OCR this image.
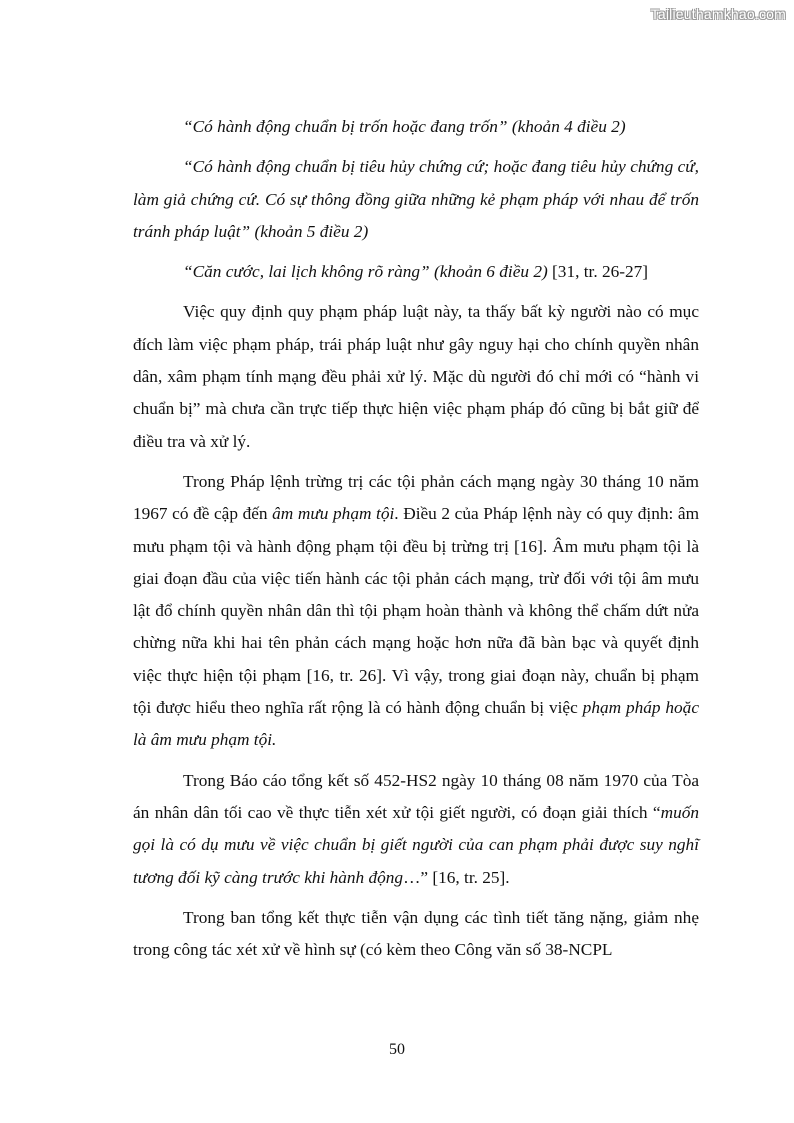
Tailieuthamkhao.com

“Có hành động chuẩn bị trốn hoặc đang trốn” (khoản 4 điều 2)

“Có hành động chuẩn bị tiêu hủy chứng cứ; hoặc đang tiêu hủy chứng cứ, làm giả chứng cứ. Có sự thông đồng giữa những kẻ phạm pháp với nhau để trốn tránh pháp luật” (khoản 5 điều 2)

“Căn cước, lai lịch không rõ ràng” (khoản 6 điều 2) [31, tr. 26-27]

Việc quy định quy phạm pháp luật này, ta thấy bất kỳ người nào có mục đích làm việc phạm pháp, trái pháp luật như gây nguy hại cho chính quyền nhân dân, xâm phạm tính mạng đều phải xử lý. Mặc dù người đó chỉ mới có “hành vi chuẩn bị” mà chưa cần trực tiếp thực hiện việc phạm pháp đó cũng bị bắt giữ để điều tra và xử lý.

Trong Pháp lệnh trừng trị các tội phản cách mạng ngày 30 tháng 10 năm 1967 có đề cập đến âm mưu phạm tội. Điều 2 của Pháp lệnh này có quy định: âm mưu phạm tội và hành động phạm tội đều bị trừng trị [16]. Âm mưu phạm tội là giai đoạn đầu của việc tiến hành các tội phản cách mạng, trừ đối với tội âm mưu lật đổ chính quyền nhân dân thì tội phạm hoàn thành và không thể chấm dứt nửa chừng nữa khi hai tên phản cách mạng hoặc hơn nữa đã bàn bạc và quyết định việc thực hiện tội phạm [16, tr. 26]. Vì vậy, trong giai đoạn này, chuẩn bị phạm tội được hiểu theo nghĩa rất rộng là có hành động chuẩn bị việc phạm pháp hoặc là âm mưu phạm tội.

Trong Báo cáo tổng kết số 452-HS2 ngày 10 tháng 08 năm 1970 của Tòa án nhân dân tối cao về thực tiễn xét xử tội giết người, có đoạn giải thích “muốn gọi là có dụ mưu về việc chuẩn bị giết người của can phạm phải được suy nghĩ tương đối kỹ càng trước khi hành động…” [16, tr. 25].

Trong ban tổng kết thực tiễn vận dụng các tình tiết tăng nặng, giảm nhẹ trong công tác xét xử về hình sự (có kèm theo Công văn số 38-NCPL

50
